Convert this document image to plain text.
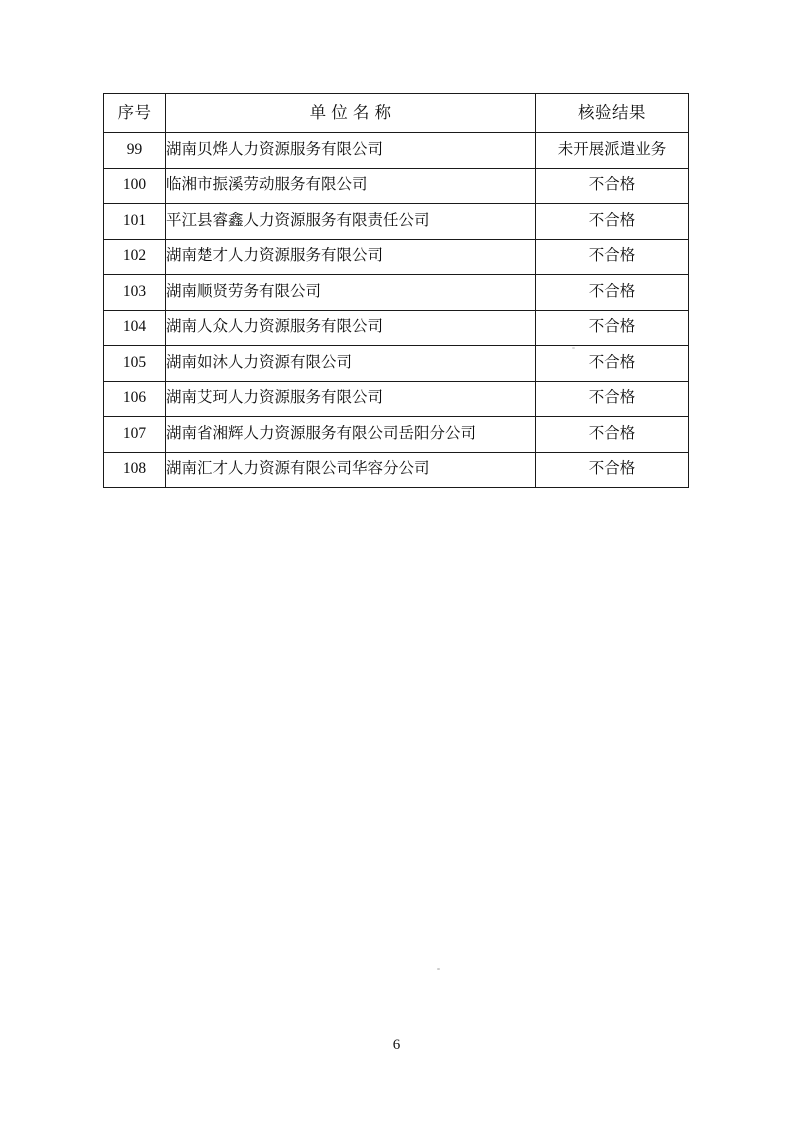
序号	单 位 名 称	核验结果
99	湖南贝烨人力资源服务有限公司	未开展派遣业务
100	临湘市振溪劳动服务有限公司	不合格
101	平江县睿鑫人力资源服务有限责任公司	不合格
102	湖南楚才人力资源服务有限公司	不合格
103	湖南顺贤劳务有限公司	不合格
104	湖南人众人力资源服务有限公司	不合格
105	湖南如沐人力资源有限公司	不合格
106	湖南艾珂人力资源服务有限公司	不合格
107	湖南省湘辉人力资源服务有限公司岳阳分公司	不合格
108	湖南汇才人力资源有限公司华容分公司	不合格
6
